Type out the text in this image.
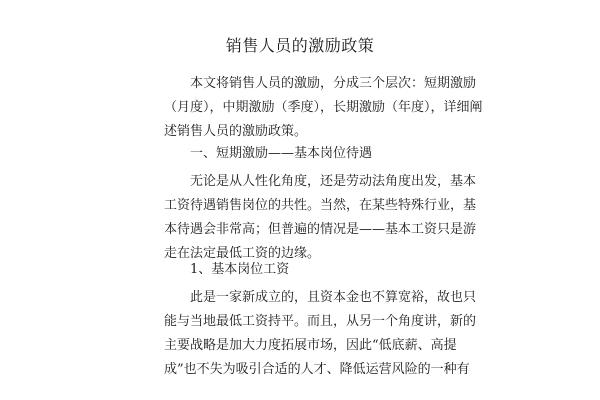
销售人员的激励政策
本文将销售人员的激励，分成三个层次：短期激励
（月度），中期激励（季度），长期激励（年度），详细阐
述销售人员的激励政策。
一、短期激励——基本岗位待遇
无论是从人性化角度，还是劳动法角度出发，基本
工资待遇销售岗位的共性。当然，在某些特殊行业，基
本待遇会非常高；但普遍的情况是——基本工资只是游
走在法定最低工资的边缘。
1、基本岗位工资
此是一家新成立的，且资本金也不算宽裕，故也只
能与当地最低工资持平。而且，从另一个角度讲，新的
主要战略是加大力度拓展市场，因此“低底薪、高提
成”也不失为吸引合适的人才、降低运营风险的一种有
